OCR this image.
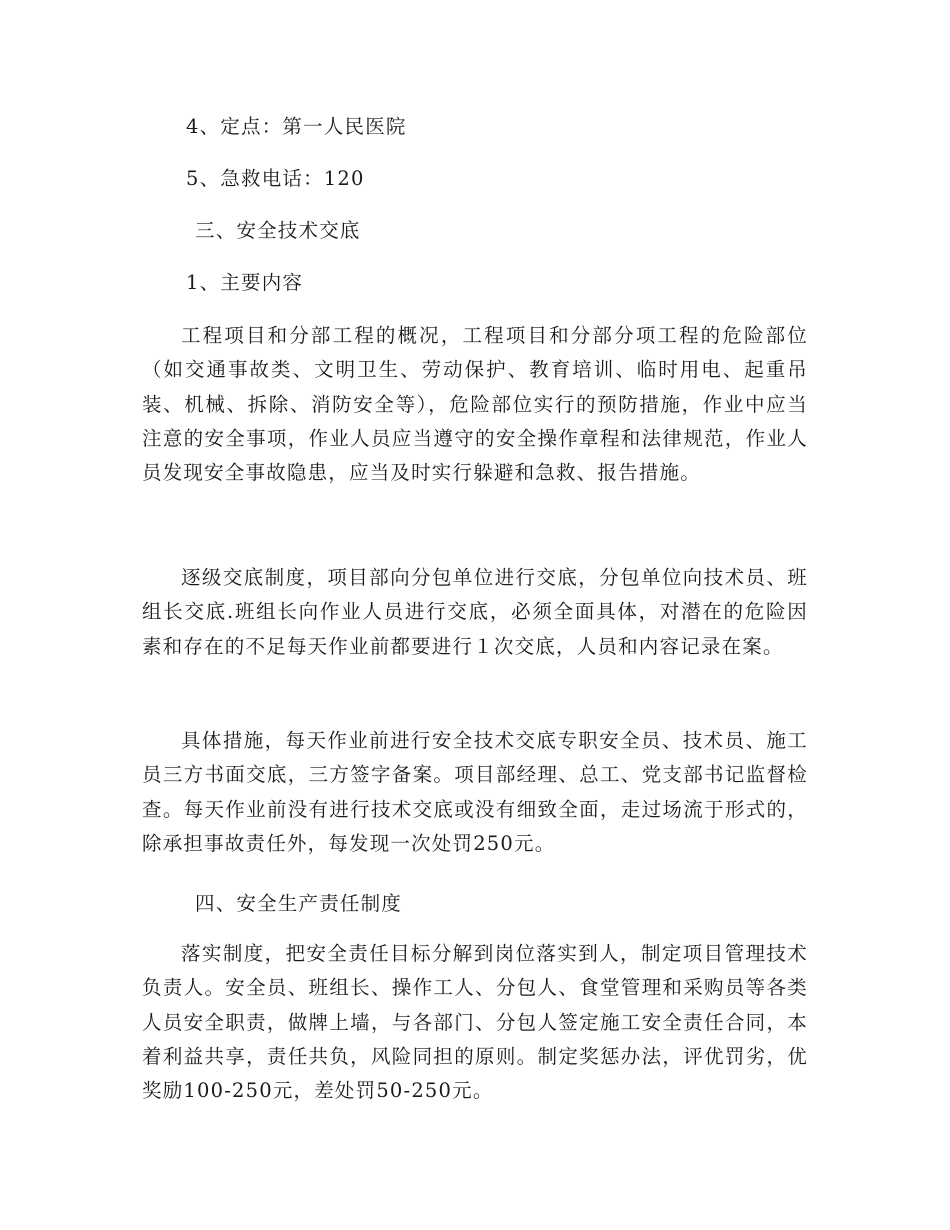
4、定点：第一人民医院
5、急救电话：120
三、安全技术交底
1、主要内容
工程项目和分部工程的概况，工程项目和分部分项工程的危险部位（如交通事故类、文明卫生、劳动保护、教育培训、临时用电、起重吊装、机械、拆除、消防安全等），危险部位实行的预防措施，作业中应当注意的安全事项，作业人员应当遵守的安全操作章程和法律规范，作业人员发现安全事故隐患，应当及时实行躲避和急救、报告措施。
逐级交底制度，项目部向分包单位进行交底，分包单位向技术员、班组长交底.班组长向作业人员进行交底，必须全面具体，对潜在的危险因素和存在的不足每天作业前都要进行１次交底，人员和内容记录在案。
具体措施，每天作业前进行安全技术交底专职安全员、技术员、施工员三方书面交底，三方签字备案。项目部经理、总工、党支部书记监督检查。每天作业前没有进行技术交底或没有细致全面，走过场流于形式的，除承担事故责任外，每发现一次处罚250元。
四、安全生产责任制度
落实制度，把安全责任目标分解到岗位落实到人，制定项目管理技术负责人。安全员、班组长、操作工人、分包人、食堂管理和采购员等各类人员安全职责，做牌上墙，与各部门、分包人签定施工安全责任合同，本着利益共享，责任共负，风险同担的原则。制定奖惩办法，评优罚劣，优奖励100-250元，差处罚50-250元。
